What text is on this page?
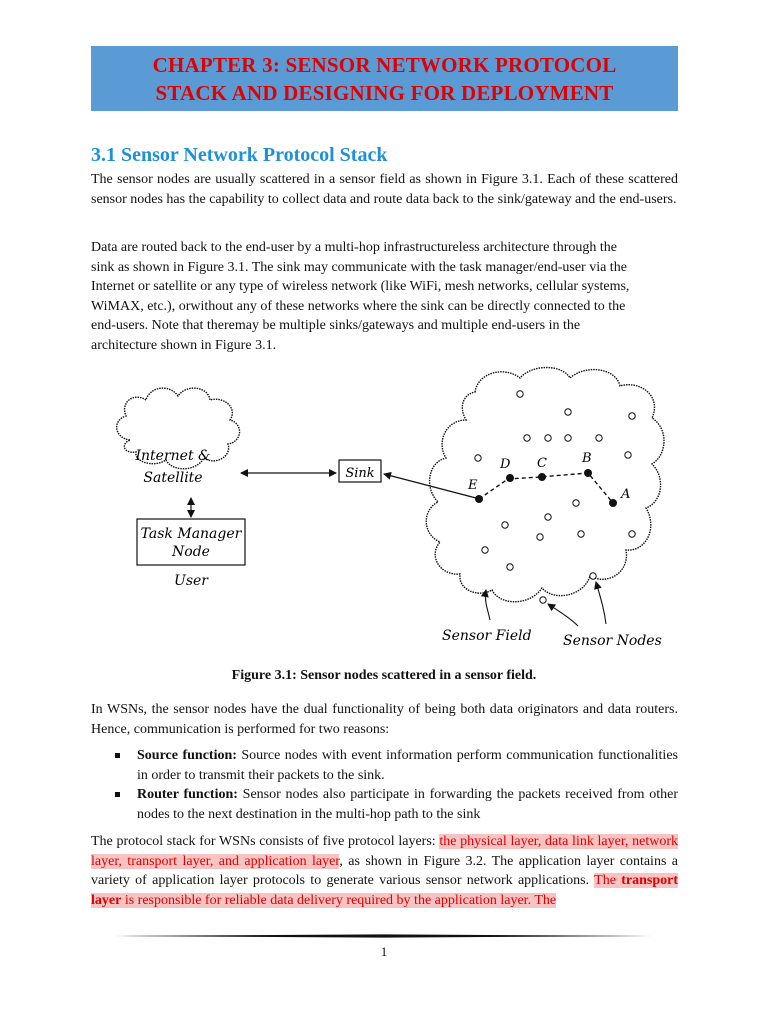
CHAPTER 3: SENSOR NETWORK PROTOCOL
STACK AND DESIGNING FOR DEPLOYMENT
3.1 Sensor Network Protocol Stack
The sensor nodes are usually scattered in a sensor field as shown in Figure 3.1. Each of these scattered sensor nodes has the capability to collect data and route data back to the sink/gateway and the end-users.
Data are routed back to the end-user by a multi-hop infrastructureless architecture through the
sink as shown in Figure 3.1. The sink may communicate with the task manager/end-user via the
Internet or satellite or any type of wireless network (like WiFi, mesh networks, cellular systems,
WiMAX, etc.), orwithout any of these networks where the sink can be directly connected to the
end-users. Note that theremay be multiple sinks/gateways and multiple end-users in the
architecture shown in Figure 3.1.
Internet &
Satellite
Task Manager
Node
User
Sink
E
D C	B
A
Sensor Field Sensor Nodes
Figure 3.1: Sensor nodes scattered in a sensor field.
In WSNs, the sensor nodes have the dual functionality of being both data originators and data routers. Hence, communication is performed for two reasons:
Source function: Source nodes with event information perform communication functionalities in order to transmit their packets to the sink.
Router function: Sensor nodes also participate in forwarding the packets received from other nodes to the next destination in the multi-hop path to the sink
The protocol stack for WSNs consists of five protocol layers: the physical layer, data link layer, network layer, transport layer, and application layer, as shown in Figure 3.2. The application layer contains a variety of application layer protocols to generate various sensor network applications. The transport layer is responsible for reliable data delivery required by the application layer. The
1
